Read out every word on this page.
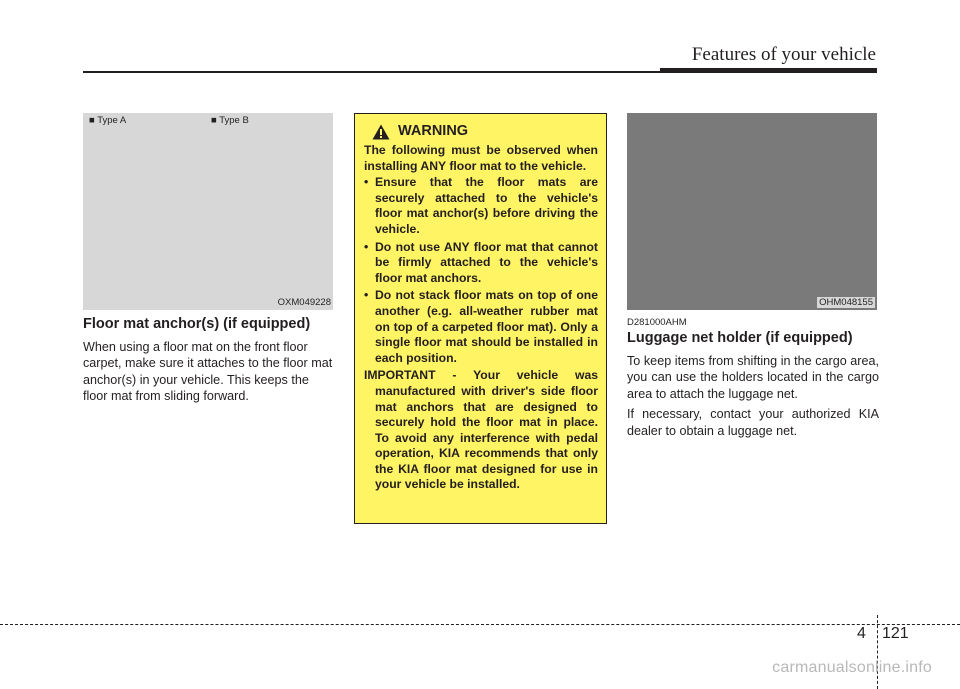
Features of your vehicle
■ Type A	■ Type B
OXM049228
Floor mat anchor(s) (if equipped)
When using a floor mat on the front floor carpet, make sure it attaches to the floor mat anchor(s) in your vehicle. This keeps the floor mat from sliding forward.
WARNING
The following must be observed when installing ANY floor mat to the vehicle.
• Ensure that the floor mats are securely attached to the vehicle's floor mat anchor(s) before driving the vehicle.
• Do not use ANY floor mat that cannot be firmly attached to the vehicle's floor mat anchors.
• Do not stack floor mats on top of one another (e.g. all-weather rubber mat on top of a carpeted floor mat). Only a single floor mat should be installed in each position.
IMPORTANT - Your vehicle was manufactured with driver's side floor mat anchors that are designed to securely hold the floor mat in place. To avoid any interference with pedal operation, KIA recommends that only the KIA floor mat designed for use in your vehicle be installed.
OHM048155
D281000AHM
Luggage net holder (if equipped)

To keep items from shifting in the cargo area, you can use the holders located in the cargo area to attach the luggage net.

If necessary, contact your authorized KIA dealer to obtain a luggage net.

4 121
carmanualsonline.info
